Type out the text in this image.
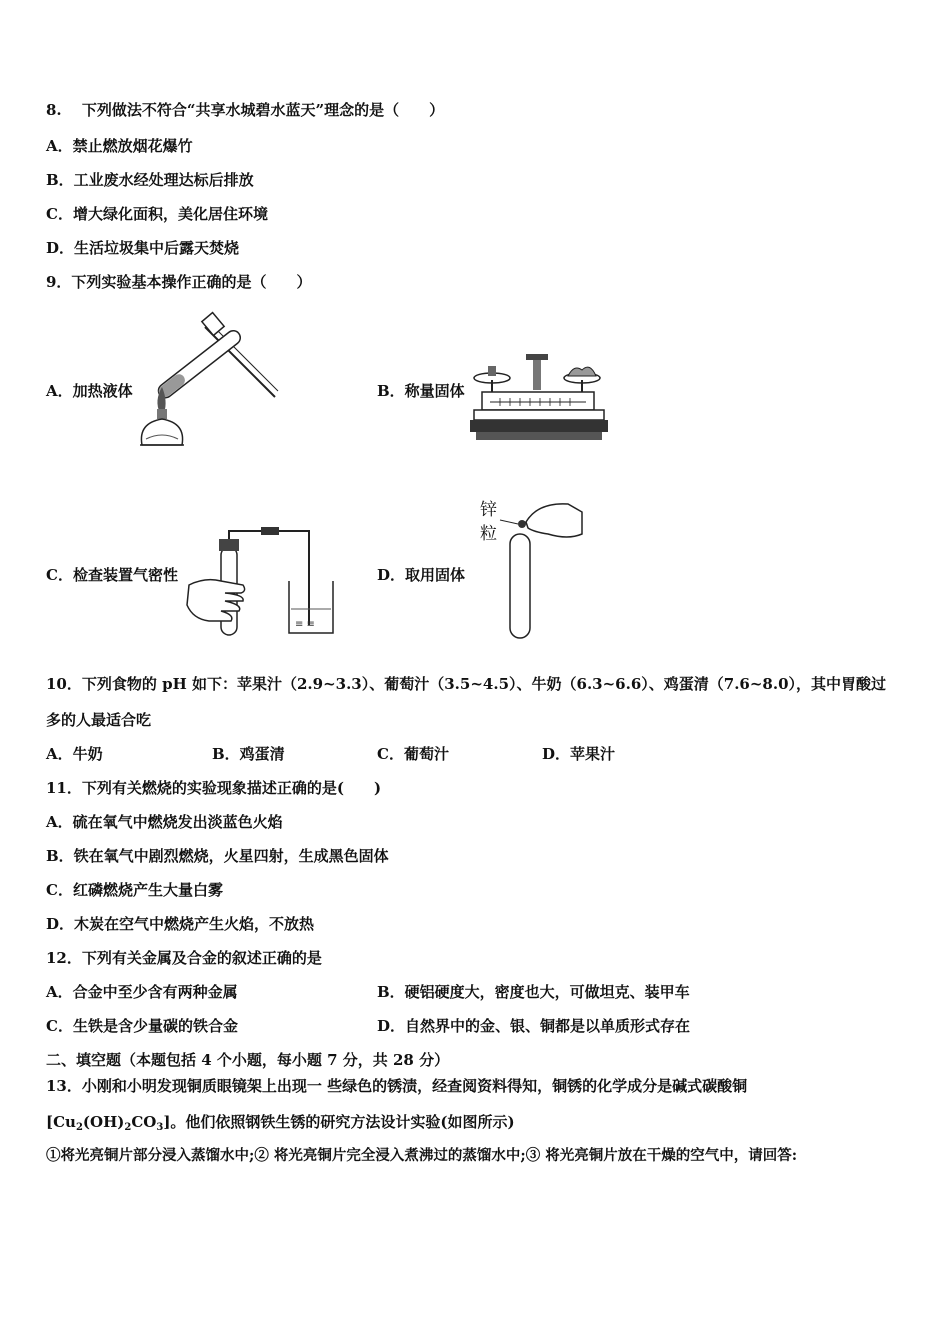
8.　 下列做法不符合“共享水城碧水蓝天”理念的是（　　）
A．禁止燃放烟花爆竹
B．工业废水经处理达标后排放
C．增大绿化面积，美化居住环境
D．生活垃圾集中后露天焚烧
9．下列实验基本操作正确的是（　　）
A．加热液体	B．称量固体
C．检查装置气密性	D．取用固体
≡ ≡
锌
粒
10．下列食物的 pH 如下：苹果汁（2.9~3.3）、葡萄汁（3.5~4.5）、牛奶（6.3~6.6）、鸡蛋清（7.6~8.0），其中胃酸过
多的人最适合吃
A．牛奶	B．鸡蛋清	C．葡萄汁	D．苹果汁
11．下列有关燃烧的实验现象描述正确的是(　　)
A．硫在氧气中燃烧发出淡蓝色火焰
B．铁在氧气中剧烈燃烧，火星四射，生成黑色固体
C．红磷燃烧产生大量白雾
D．木炭在空气中燃烧产生火焰，不放热
12．下列有关金属及合金的叙述正确的是
A．合金中至少含有两种金属	B．硬铝硬度大，密度也大，可做坦克、装甲车
C．生铁是含少量碳的铁合金	D．自然界中的金、银、铜都是以单质形式存在
二、填空题（本题包括 4 个小题，每小题 7 分，共 28 分）
13．小刚和小明发现铜质眼镜架上出现一 些绿色的锈渍，经查阅资料得知，铜锈的化学成分是碱式碳酸铜
$[Cu_2(OH)_2CO_3]$。他们依照钢铁生锈的研究方法设计实验(如图所示)
①将光亮铜片部分浸入蒸馏水中;② 将光亮铜片完全浸入煮沸过的蒸馏水中;③ 将光亮铜片放在干燥的空气中，请回答:
